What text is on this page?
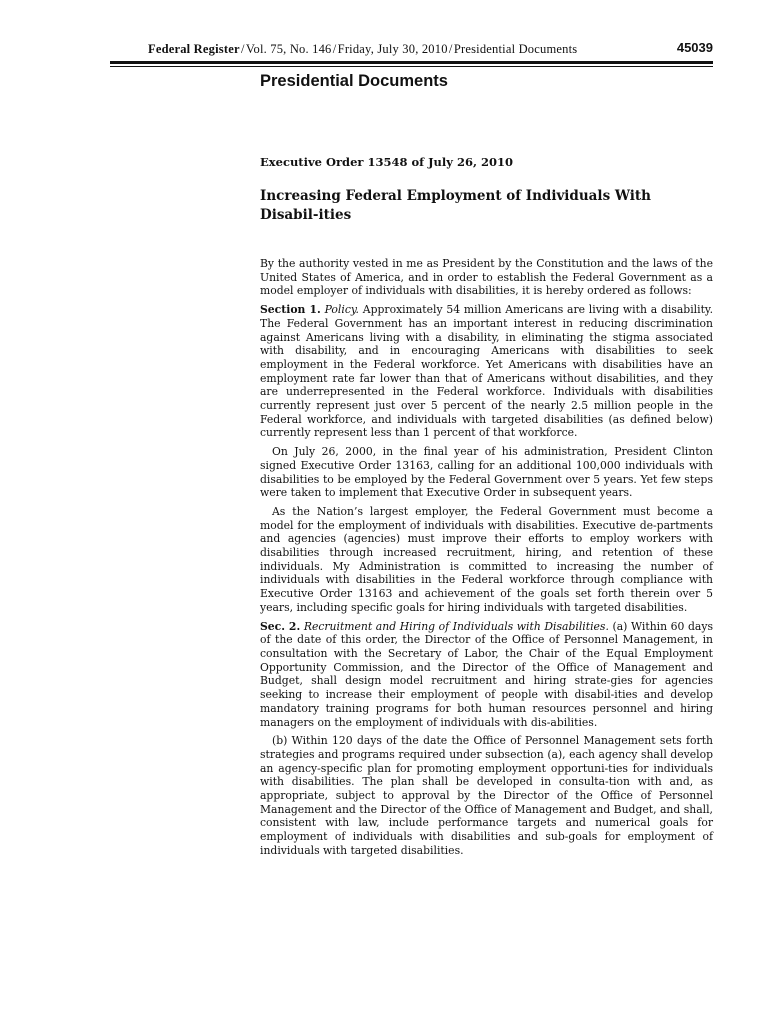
Federal Register / Vol. 75, No. 146 / Friday, July 30, 2010 / Presidential Documents	45039
Presidential Documents
Executive Order 13548 of July 26, 2010
Increasing Federal Employment of Individuals With Disabil-ities

By the authority vested in me as President by the Constitution and the laws of the United States of America, and in order to establish the Federal Government as a model employer of individuals with disabilities, it is hereby ordered as follows:

Section 1. Policy. Approximately 54 million Americans are living with a disability. The Federal Government has an important interest in reducing discrimination against Americans living with a disability, in eliminating the stigma associated with disability, and in encouraging Americans with disabilities to seek employment in the Federal workforce. Yet Americans with disabilities have an employment rate far lower than that of Americans without disabilities, and they are underrepresented in the Federal workforce. Individuals with disabilities currently represent just over 5 percent of the nearly 2.5 million people in the Federal workforce, and individuals with targeted disabilities (as defined below) currently represent less than 1 percent of that workforce.

On July 26, 2000, in the final year of his administration, President Clinton signed Executive Order 13163, calling for an additional 100,000 individuals with disabilities to be employed by the Federal Government over 5 years. Yet few steps were taken to implement that Executive Order in subsequent years.

As the Nation’s largest employer, the Federal Government must become a model for the employment of individuals with disabilities. Executive de-partments and agencies (agencies) must improve their efforts to employ workers with disabilities through increased recruitment, hiring, and retention of these individuals. My Administration is committed to increasing the number of individuals with disabilities in the Federal workforce through compliance with Executive Order 13163 and achievement of the goals set forth therein over 5 years, including specific goals for hiring individuals with targeted disabilities.

Sec. 2. Recruitment and Hiring of Individuals with Disabilities. (a) Within 60 days of the date of this order, the Director of the Office of Personnel Management, in consultation with the Secretary of Labor, the Chair of the Equal Employment Opportunity Commission, and the Director of the Office of Management and Budget, shall design model recruitment and hiring strate-gies for agencies seeking to increase their employment of people with disabil-ities and develop mandatory training programs for both human resources personnel and hiring managers on the employment of individuals with dis-abilities.

(b) Within 120 days of the date the Office of Personnel Management sets forth strategies and programs required under subsection (a), each agency shall develop an agency-specific plan for promoting employment opportuni-ties for individuals with disabilities. The plan shall be developed in consulta-tion with and, as appropriate, subject to approval by the Director of the Office of Personnel Management and the Director of the Office of Management and Budget, and shall, consistent with law, include performance targets and numerical goals for employment of individuals with disabilities and sub-goals for employment of individuals with targeted disabilities.
